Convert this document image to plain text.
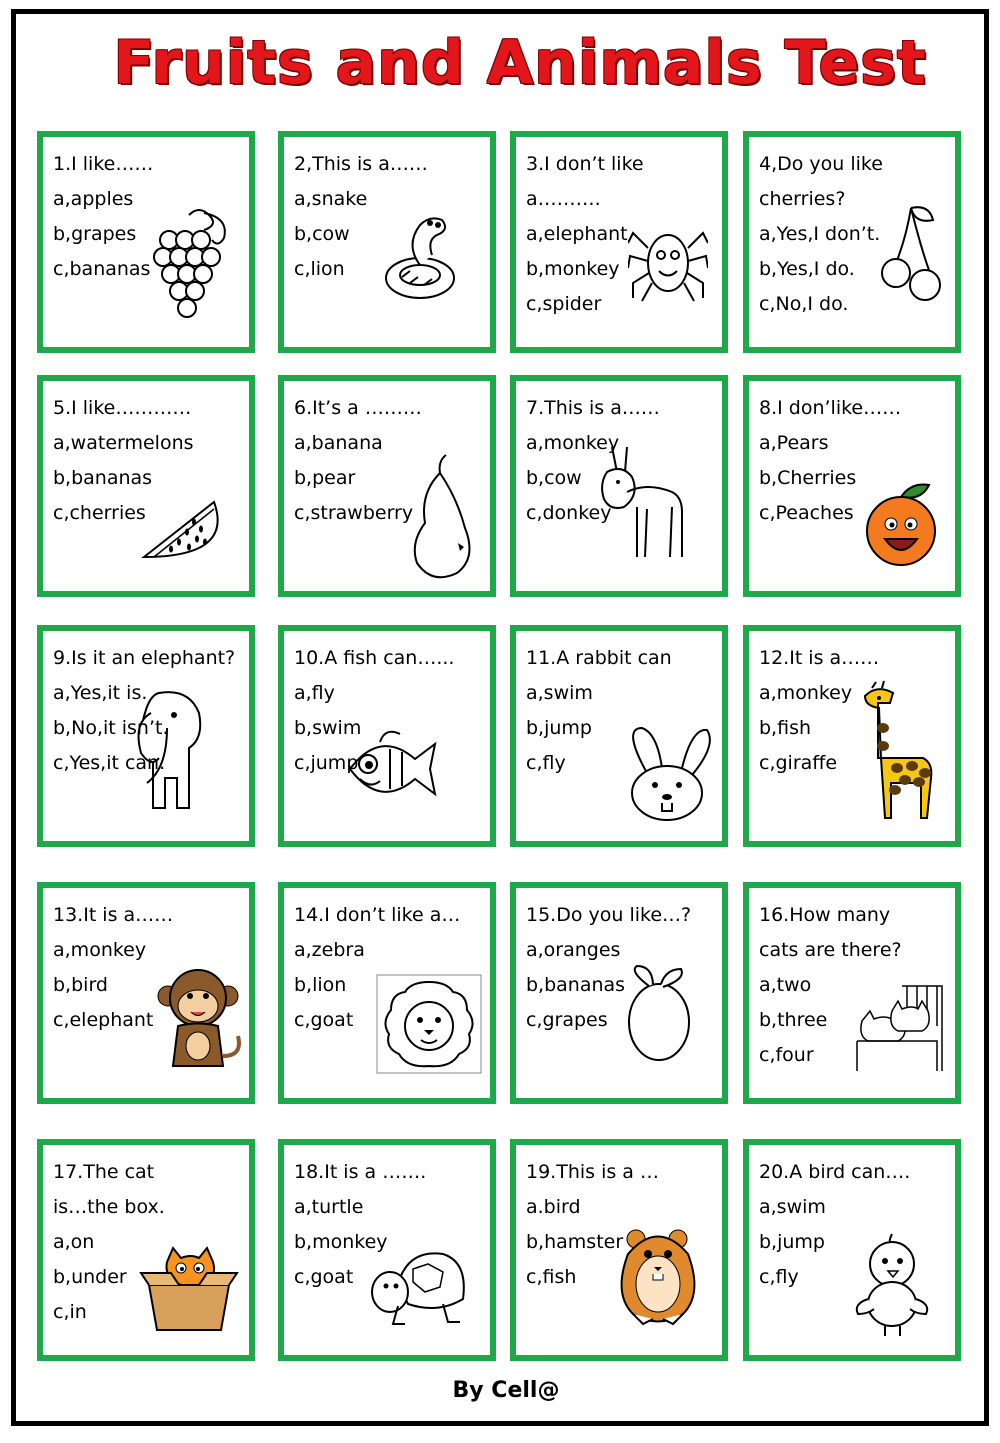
Fruits and Animals Test
1.I like……
a,apples
b,grapes
c,bananas
2,This is a……
a,snake
b,cow
c,lion
3.I don’t like
a……….
a,elephant
b,monkey
c,spider
4,Do you like
cherries?
a,Yes,I don’t.
b,Yes,I do.
c,No,I do.
5.I like…………
a,watermelons
b,bananas
c,cherries
6.It’s a ………
a,banana
b,pear
c,strawberry
7.This is a……
a,monkey
b,cow
c,donkey
8.I don’like……
a,Pears
b,Cherries
c,Peaches
9.Is it an elephant?
a,Yes,it is.
b,No,it isn’t.
c,Yes,it can.
10.A fish can…...
a,fly
b,swim
c,jump
11.A rabbit can
a,swim
b,jump
c,fly
12.It is a……
a,monkey
b,fish
c,giraffe
13.It is a……
a,monkey
b,bird
c,elephant
14.I don’t like a…
a,zebra
b,lion
c,goat
15.Do you like…?
a,oranges
b,bananas
c,grapes
16.How many
cats are there?
a,two
b,three
c,four
17.The cat
is…the box.
a,on
b,under
c,in
18.It is a …….
a,turtle
b,monkey
c,goat
19.This is a …
a.bird
b,hamster
c,fish
20.A bird can….
a,swim
b,jump
c,fly
By Cell@
